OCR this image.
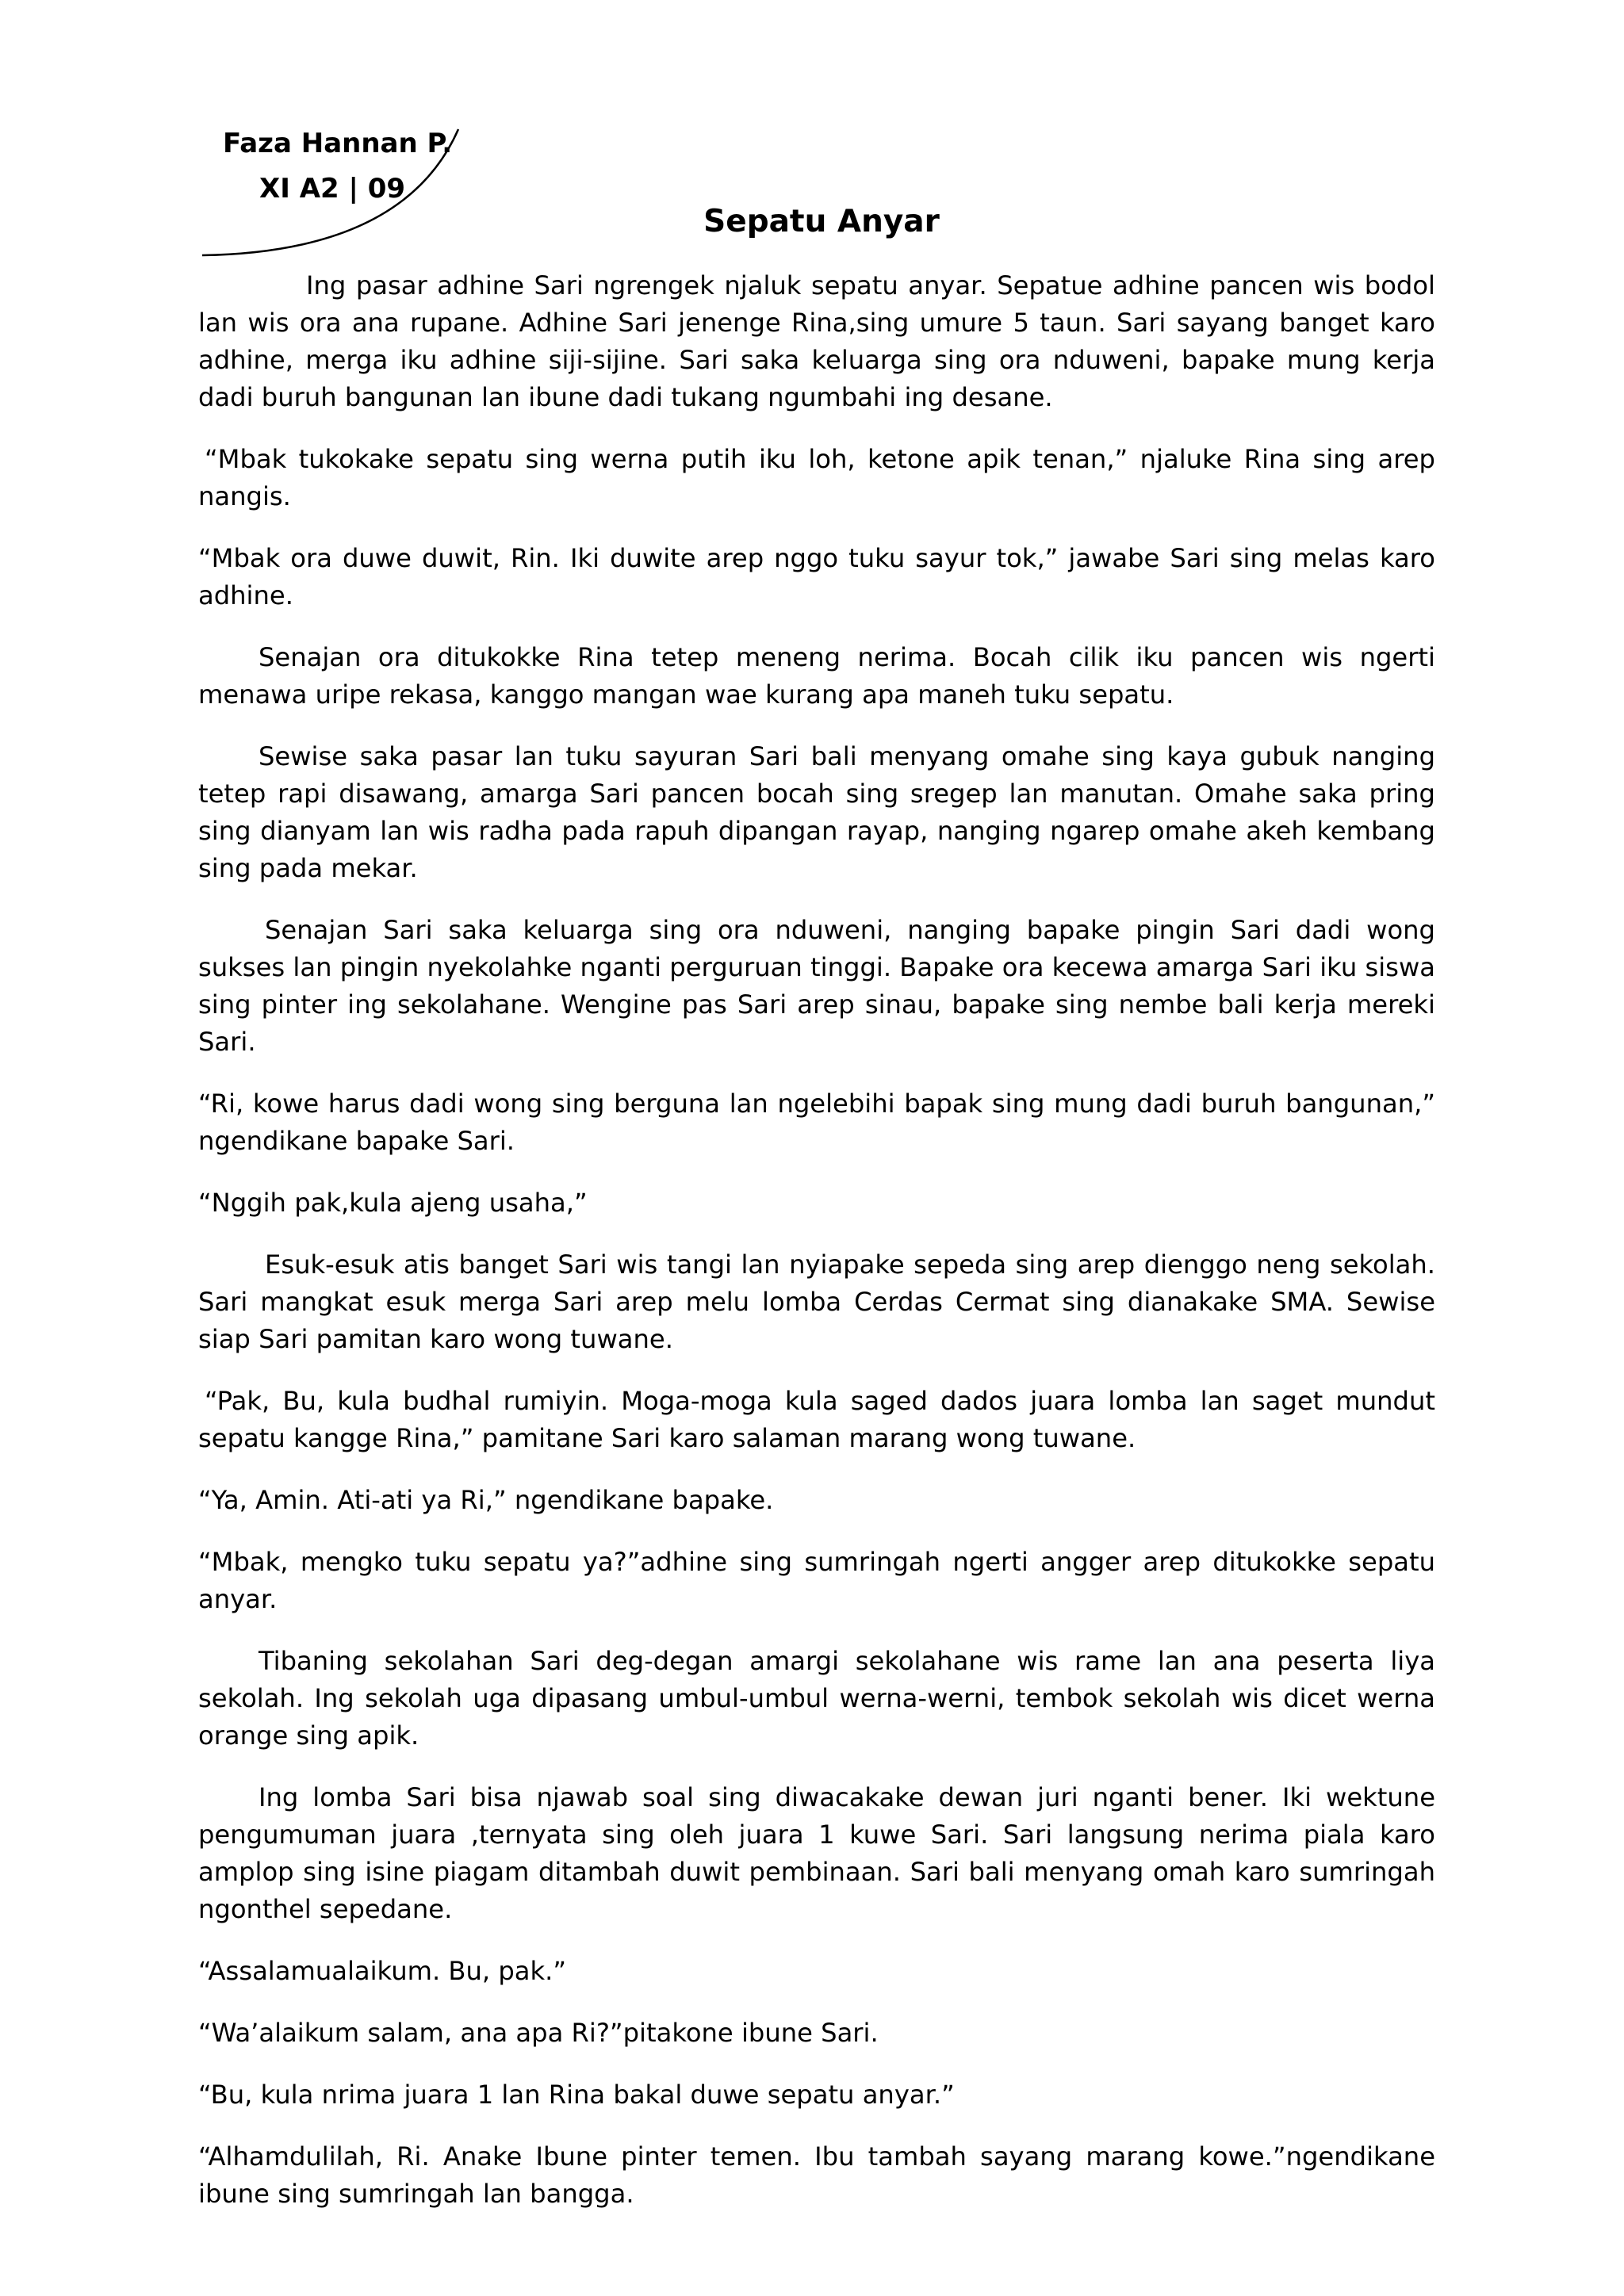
Faza Hannan P.
XI A2 | 09
Sepatu Anyar

Ing pasar adhine Sari ngrengek njaluk sepatu anyar. Sepatue adhine pancen wis bodol lan wis ora ana rupane. Adhine Sari jenenge Rina,sing umure 5 taun. Sari sayang banget karo adhine, merga iku adhine siji-sijine. Sari saka keluarga sing ora nduweni, bapake mung kerja dadi buruh bangunan lan ibune dadi tukang ngumbahi ing desane.

“Mbak tukokake sepatu sing werna putih iku loh, ketone apik tenan,” njaluke Rina sing arep nangis.

“Mbak ora duwe duwit, Rin. Iki duwite arep nggo tuku sayur tok,” jawabe Sari sing melas karo adhine.

Senajan ora ditukokke Rina tetep meneng nerima. Bocah cilik iku pancen wis ngerti menawa uripe rekasa, kanggo mangan wae kurang apa maneh tuku sepatu.

Sewise saka pasar lan tuku sayuran Sari bali menyang omahe sing kaya gubuk nanging tetep rapi disawang, amarga Sari pancen bocah sing sregep lan manutan. Omahe saka pring sing dianyam lan wis radha pada rapuh dipangan rayap, nanging ngarep omahe akeh kembang sing pada mekar.

Senajan Sari saka keluarga sing ora nduweni, nanging bapake pingin Sari dadi wong sukses lan pingin nyekolahke nganti perguruan tinggi. Bapake ora kecewa amarga Sari iku siswa sing pinter ing sekolahane. Wengine pas Sari arep sinau, bapake sing nembe bali kerja mereki Sari.

“Ri, kowe harus dadi wong sing berguna lan ngelebihi bapak sing mung dadi buruh bangunan,” ngendikane bapake Sari.

“Nggih pak,kula ajeng usaha,”

Esuk-esuk atis banget Sari wis tangi lan nyiapake sepeda sing arep dienggo neng sekolah. Sari mangkat esuk merga Sari arep melu lomba Cerdas Cermat sing dianakake SMA. Sewise siap Sari pamitan karo wong tuwane.

“Pak, Bu, kula budhal rumiyin. Moga-moga kula saged dados juara lomba lan saget mundut sepatu kangge Rina,” pamitane Sari karo salaman marang wong tuwane.

“Ya, Amin. Ati-ati ya Ri,” ngendikane bapake.

“Mbak, mengko tuku sepatu ya?”adhine sing sumringah ngerti angger arep ditukokke sepatu anyar.

Tibaning sekolahan Sari deg-degan amargi sekolahane wis rame lan ana peserta liya sekolah. Ing sekolah uga dipasang umbul-umbul werna-werni, tembok sekolah wis dicet werna orange sing apik.

Ing lomba Sari bisa njawab soal sing diwacakake dewan juri nganti bener. Iki wektune pengumuman juara ,ternyata sing oleh juara 1 kuwe Sari. Sari langsung nerima piala karo amplop sing isine piagam ditambah duwit pembinaan. Sari bali menyang omah karo sumringah ngonthel sepedane.

“Assalamualaikum. Bu, pak.”

“Wa’alaikum salam, ana apa Ri?”pitakone ibune Sari.

“Bu, kula nrima juara 1 lan Rina bakal duwe sepatu anyar.”

“Alhamdulilah, Ri. Anake Ibune pinter temen. Ibu tambah sayang marang kowe.”ngendikane ibune sing sumringah lan bangga.
